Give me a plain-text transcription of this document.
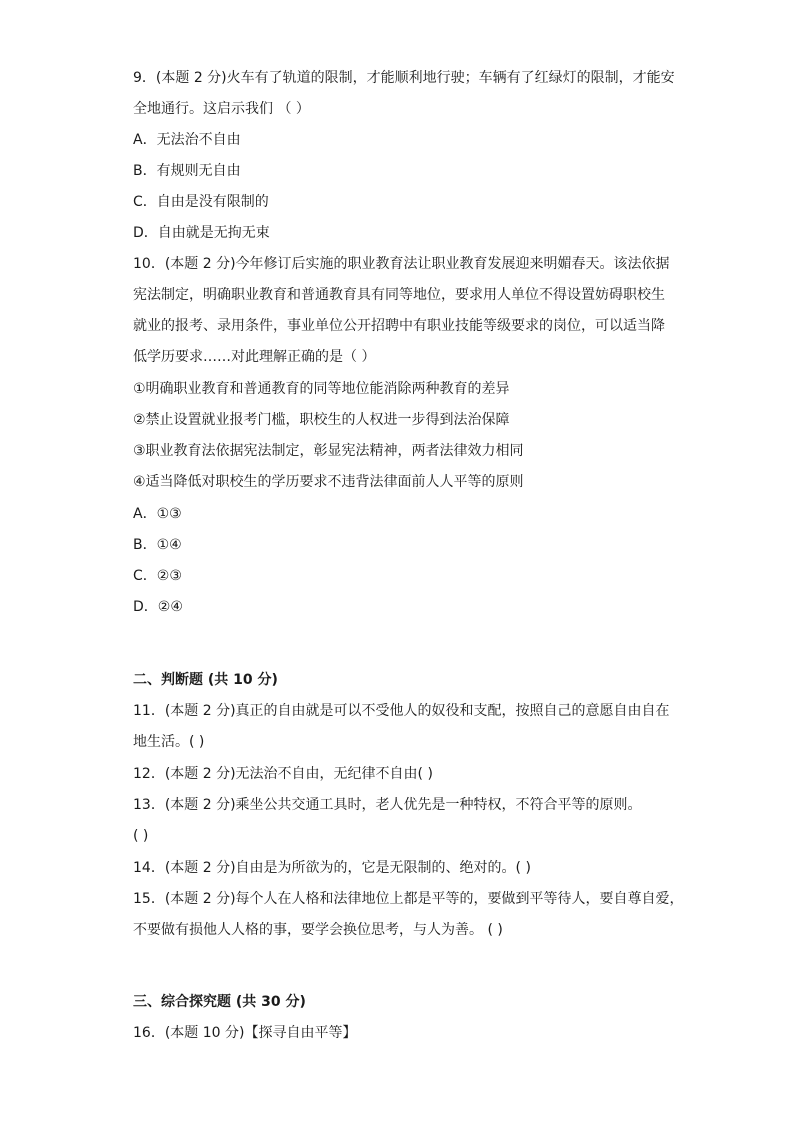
9．(本题 2 分)火车有了轨道的限制，才能顺利地行驶；车辆有了红绿灯的限制，才能安
全地通行。这启示我们 （ ）
A．无法治不自由
B．有规则无自由
C．自由是没有限制的
D．自由就是无拘无束
10．(本题 2 分)今年修订后实施的职业教育法让职业教育发展迎来明媚春天。该法依据
宪法制定，明确职业教育和普通教育具有同等地位，要求用人单位不得设置妨碍职校生
就业的报考、录用条件，事业单位公开招聘中有职业技能等级要求的岗位，可以适当降
低学历要求……对此理解正确的是（ ）
①明确职业教育和普通教育的同等地位能消除两种教育的差异
②禁止设置就业报考门槛，职校生的人权进一步得到法治保障
③职业教育法依据宪法制定，彰显宪法精神，两者法律效力相同
④适当降低对职校生的学历要求不违背法律面前人人平等的原则
A．①③
B．①④
C．②③
D．②④
二、判断题 (共 10 分)
11．(本题 2 分)真正的自由就是可以不受他人的奴役和支配，按照自己的意愿自由自在
地生活。( )
12．(本题 2 分)无法治不自由，无纪律不自由( )
13．(本题 2 分)乘坐公共交通工具时，老人优先是一种特权，不符合平等的原则。
( )
14．(本题 2 分)自由是为所欲为的，它是无限制的、绝对的。( )
15．(本题 2 分)每个人在人格和法律地位上都是平等的，要做到平等待人，要自尊自爱，
不要做有损他人人格的事，要学会换位思考，与人为善。 ( )
三、综合探究题 (共 30 分)
16．(本题 10 分)【探寻自由平等】
